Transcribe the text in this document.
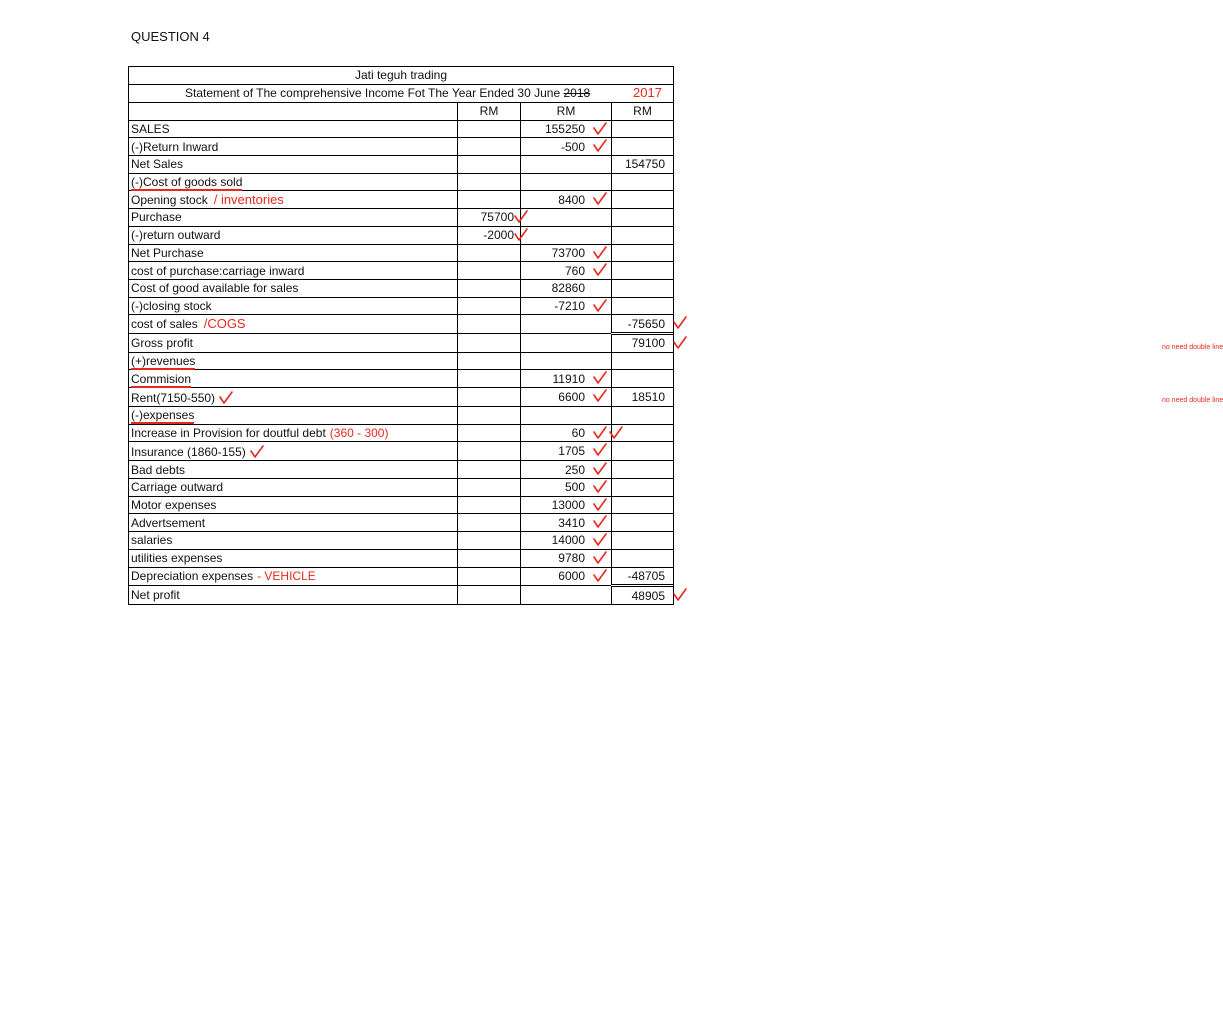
QUESTION 4
Jati teguh trading
Statement of The comprehensive Income Fot The Year Ended 30 June 2018	2017
	RM	RM	RM
SALES		155250

(-)Return Inward		-500

Net Sales			154750
(-)Cost of goods sold			
Opening stock / inventories		8400

Purchase	75700

(-)return outward	-2000

Net Purchase		73700

cost of purchase:carriage inward		760

Cost of good available for sales		82860	
(-)closing stock		-7210

cost of sales /COGS			-75650

Gross profit			79100 no need double line

(+)revenues			
Commision		11910

Rent(7150-550)		6600	18510 no need double line

(-)expenses			
Increase in Provision for doutful debt (360 - 300)		60

Insurance (1860-155)		1705

Bad debts		250

Carriage outward		500

Motor expenses		13000

Advertsement		3410

salaries		14000

utilities expenses		9780

Depreciation expenses - VEHICLE		6000	-48705
Net profit			48905
